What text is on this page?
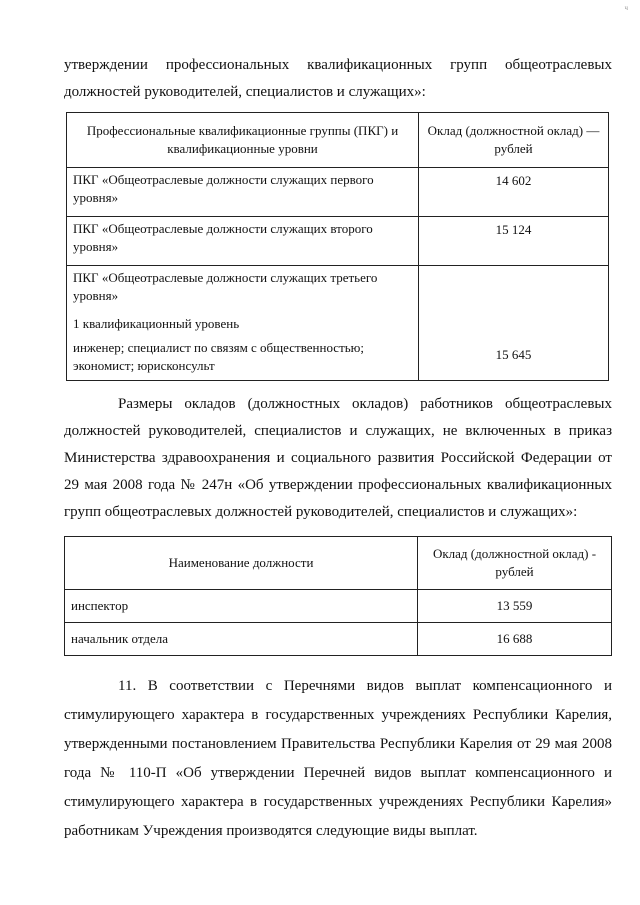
ч

утверждении профессиональных квалификационных групп общеотраслевых должностей руководителей, специалистов и служащих»:

Профессиональные квалификационные группы (ПКГ) и квалификационные уровни	Оклад (должностной оклад) — рублей
ПКГ «Общеотраслевые должности служащих первого уровня»	14 602
ПКГ «Общеотраслевые должности служащих второго уровня»	15 124

ПКГ «Общеотраслевые должности служащих третьего уровня»
1 квалификационный уровень
инженер; специалист по связям с общественностью; экономист; юрисконсульт	15 645

Размеры окладов (должностных окладов) работников общеотраслевых должностей руководителей, специалистов и служащих, не включенных в приказ Министерства здравоохранения и социального развития Российской Федерации от 29 мая 2008 года № 247н «Об утверждении профессиональных квалификационных групп общеотраслевых должностей руководителей, специалистов и служащих»:

Наименование должности	Оклад (должностной оклад) - рублей
инспектор	13 559
начальник отдела	16 688

11. В соответствии с Перечнями видов выплат компенсационного и стимулирующего характера в государственных учреждениях Республики Карелия, утвержденными постановлением Правительства Республики Карелия от 29 мая 2008 года № 110-П «Об утверждении Перечней видов выплат компенсационного и стимулирующего характера в государственных учреждениях Республики Карелия» работникам Учреждения производятся следующие виды выплат.
